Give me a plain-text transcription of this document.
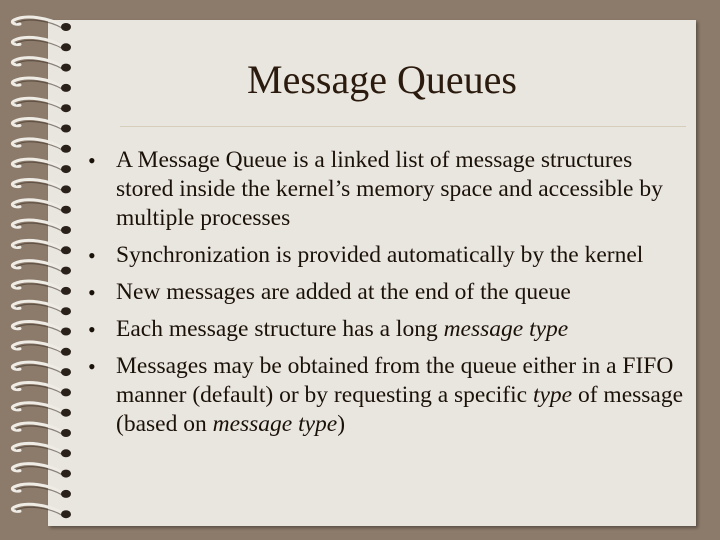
Message Queues
• A Message Queue is a linked list of message structures stored inside the kernel’s memory space and accessible by multiple processes
• Synchronization is provided automatically by the kernel
• New messages are added at the end of the queue
• Each message structure has a long message type
• Messages may be obtained from the queue either in a FIFO manner (default) or by requesting a specific type of message (based on message type)
